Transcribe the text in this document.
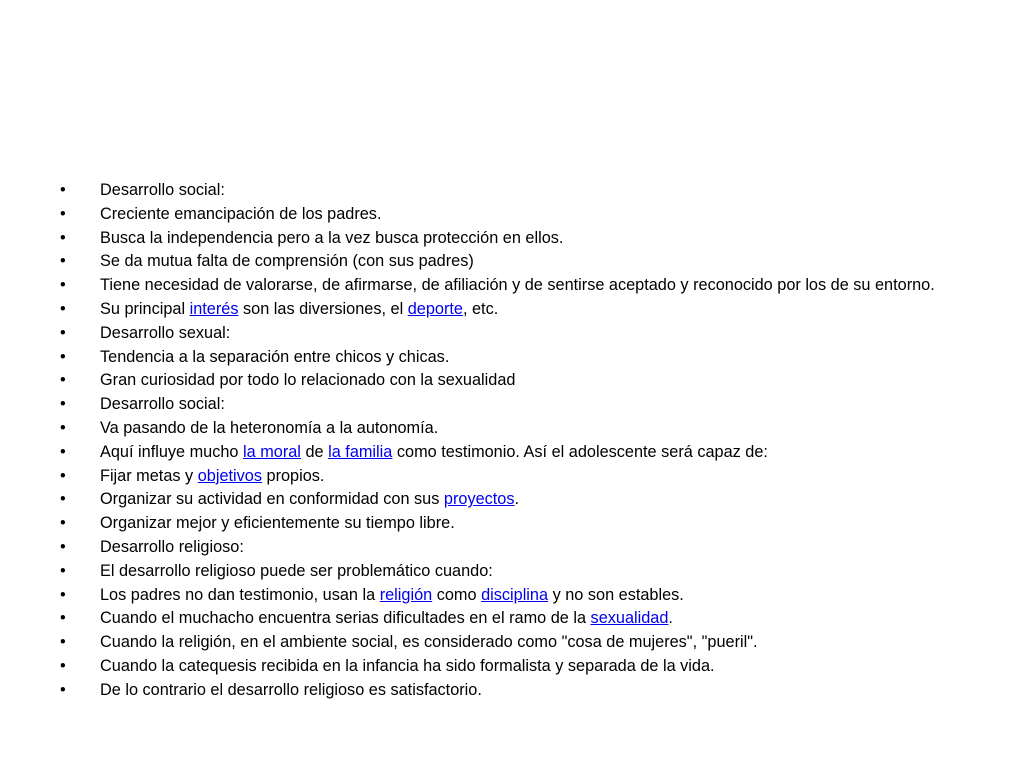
•	Desarrollo social:
•	Creciente emancipación de los padres.
•	Busca la independencia pero a la vez busca protección en ellos.
•	Se da mutua falta de comprensión (con sus padres)
•	Tiene necesidad de valorarse, de afirmarse, de afiliación y de sentirse aceptado y reconocido por los de su entorno.
•	Su principal interés son las diversiones, el deporte, etc.
•	Desarrollo sexual:
•	Tendencia a la separación entre chicos y chicas.
•	Gran curiosidad por todo lo relacionado con la sexualidad
•	Desarrollo social:
•	Va pasando de la heteronomía a la autonomía.
•	Aquí influye mucho la moral de la familia como testimonio. Así el adolescente será capaz de:
•	Fijar metas y objetivos propios.
•	Organizar su actividad en conformidad con sus proyectos.
•	Organizar mejor y eficientemente su tiempo libre.
•	Desarrollo religioso:
•	El desarrollo religioso puede ser problemático cuando:
•	Los padres no dan testimonio, usan la religión como disciplina y no son estables.
•	Cuando el muchacho encuentra serias dificultades en el ramo de la sexualidad.
•	Cuando la religión, en el ambiente social, es considerado como "cosa de mujeres", "pueril".
•	Cuando la catequesis recibida en la infancia ha sido formalista y separada de la vida.
•	De lo contrario el desarrollo religioso es satisfactorio.
